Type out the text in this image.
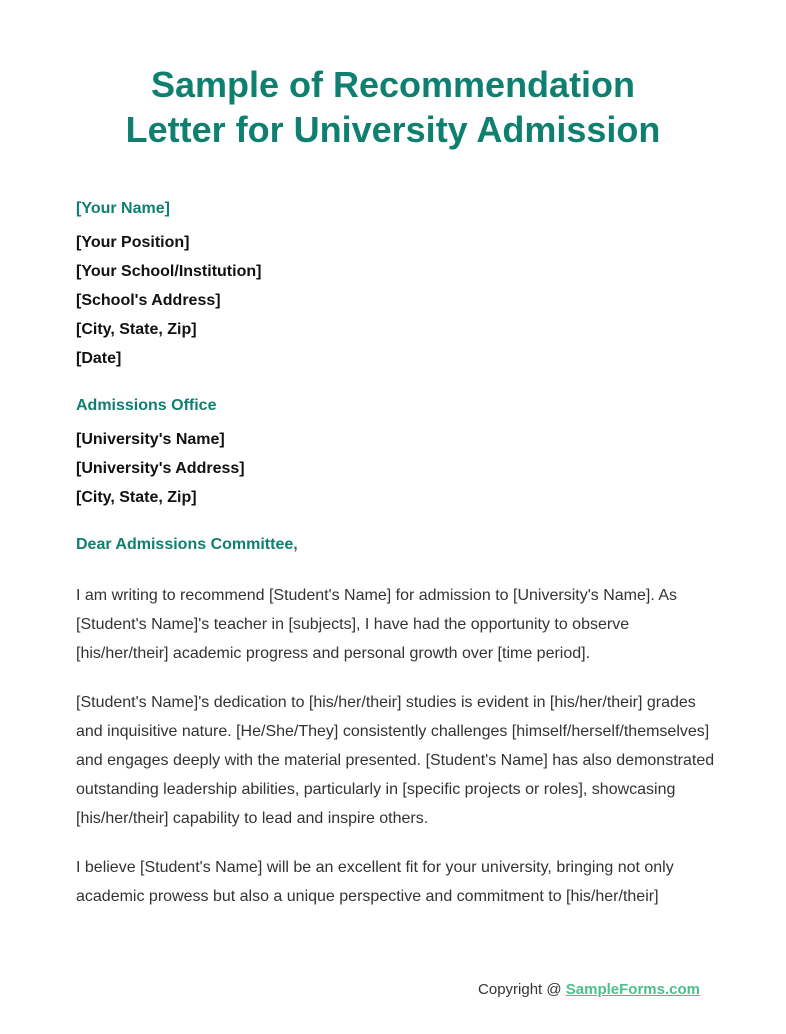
Sample of Recommendation
Letter for University Admission

[Your Name]

[Your Position]
[Your School/Institution]
[School's Address]
[City, State, Zip]
[Date]

Admissions Office

[University's Name]
[University's Address]
[City, State, Zip]

Dear Admissions Committee,

I am writing to recommend [Student's Name] for admission to [University's Name]. As [Student's Name]'s teacher in [subjects], I have had the opportunity to observe [his/her/their] academic progress and personal growth over [time period].

[Student's Name]'s dedication to [his/her/their] studies is evident in [his/her/their] grades and inquisitive nature. [He/She/They] consistently challenges [himself/herself/themselves] and engages deeply with the material presented. [Student's Name] has also demonstrated outstanding leadership abilities, particularly in [specific projects or roles], showcasing [his/her/their] capability to lead and inspire others.

I believe [Student's Name] will be an excellent fit for your university, bringing not only academic prowess but also a unique perspective and commitment to [his/her/their]

Copyright @ SampleForms.com
